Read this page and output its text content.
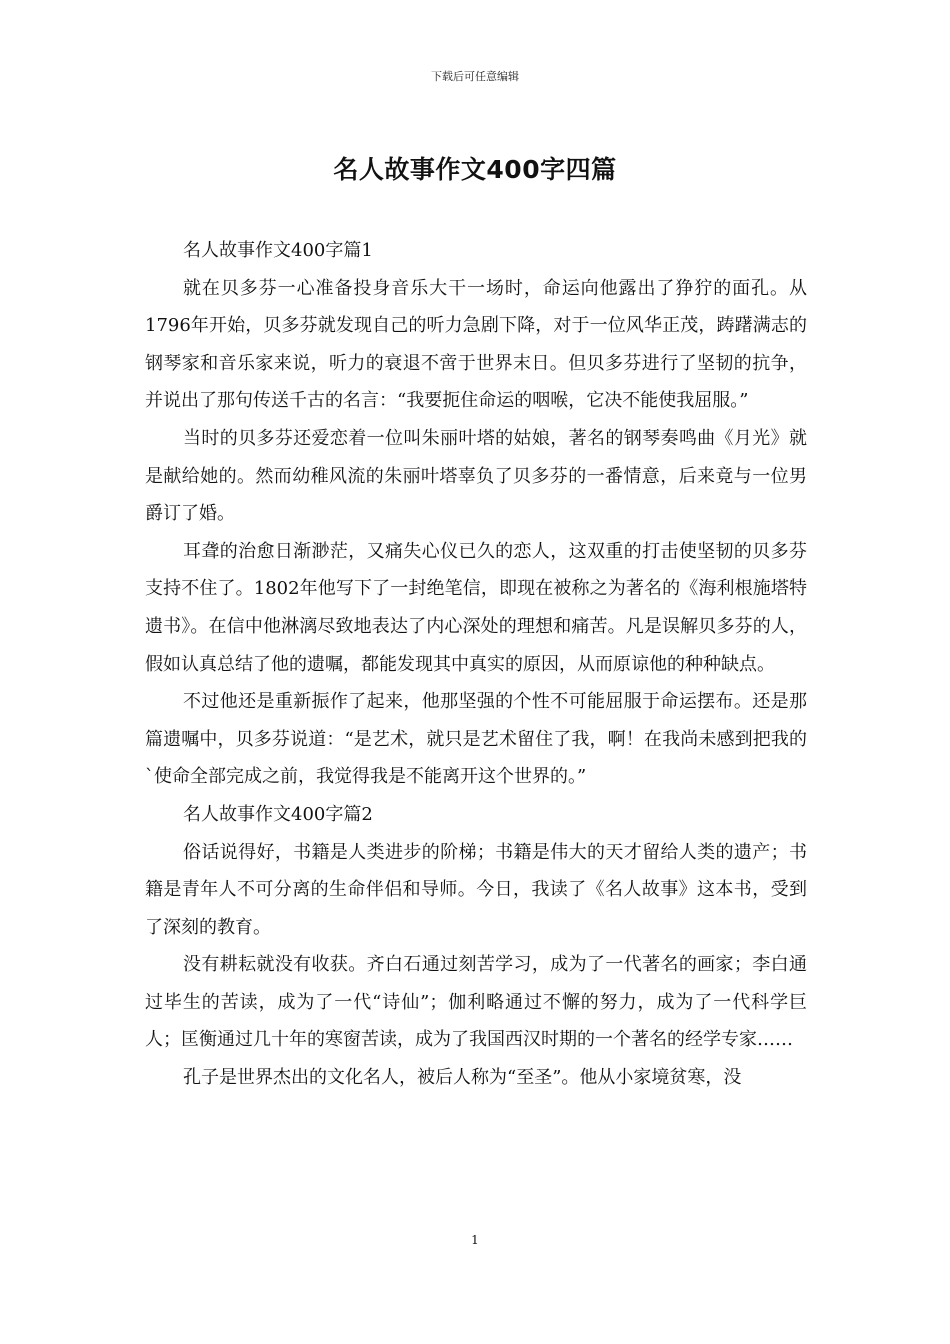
下载后可任意编辑
名人故事作文400字四篇

名人故事作文400字篇1

就在贝多芬一心准备投身音乐大干一场时，命运向他露出了狰狞的面孔。从1796年开始，贝多芬就发现自己的听力急剧下降，对于一位风华正茂，踌躇满志的钢琴家和音乐家来说，听力的衰退不啻于世界末日。但贝多芬进行了坚韧的抗争，并说出了那句传送千古的名言：“我要扼住命运的咽喉，它决不能使我屈服。”

当时的贝多芬还爱恋着一位叫朱丽叶塔的姑娘，著名的钢琴奏鸣曲《月光》就是献给她的。然而幼稚风流的朱丽叶塔辜负了贝多芬的一番情意，后来竟与一位男爵订了婚。

耳聋的治愈日渐渺茫，又痛失心仪已久的恋人，这双重的打击使坚韧的贝多芬支持不住了。1802年他写下了一封绝笔信，即现在被称之为著名的《海利根施塔特遗书》。在信中他淋漓尽致地表达了内心深处的理想和痛苦。凡是误解贝多芬的人，假如认真总结了他的遗嘱，都能发现其中真实的原因，从而原谅他的种种缺点。

不过他还是重新振作了起来，他那坚强的个性不可能屈服于命运摆布。还是那篇遗嘱中，贝多芬说道：“是艺术，就只是艺术留住了我，啊！在我尚未感到把我的`使命全部完成之前，我觉得我是不能离开这个世界的。”

名人故事作文400字篇2

俗话说得好，书籍是人类进步的阶梯；书籍是伟大的天才留给人类的遗产；书籍是青年人不可分离的生命伴侣和导师。今日，我读了《名人故事》这本书，受到了深刻的教育。

没有耕耘就没有收获。齐白石通过刻苦学习，成为了一代著名的画家；李白通过毕生的苦读，成为了一代“诗仙”；伽利略通过不懈的努力，成为了一代科学巨人；匡衡通过几十年的寒窗苦读，成为了我国西汉时期的一个著名的经学专家……

孔子是世界杰出的文化名人，被后人称为“至圣”。他从小家境贫寒，没

1
